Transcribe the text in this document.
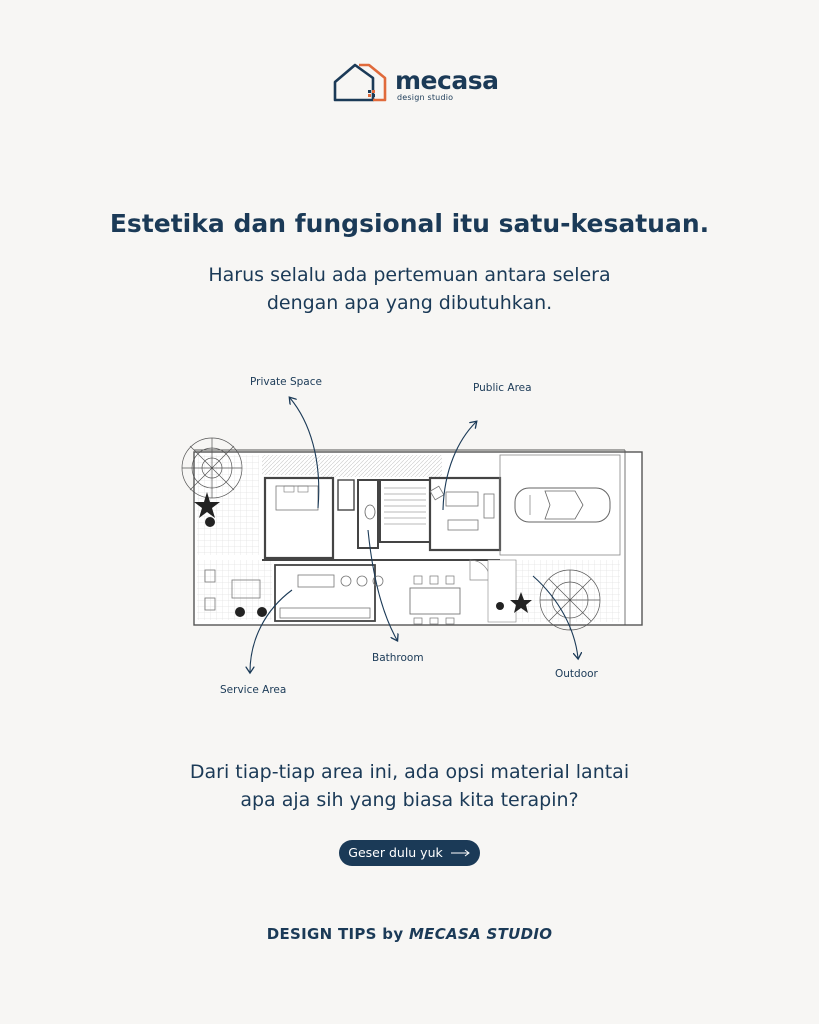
mecasa
design studio
Estetika dan fungsional itu satu-kesatuan.
Harus selalu ada pertemuan antara selera
dengan apa yang dibutuhkan.
Private Space	Public Area
Bathroom
Outdoor
Service Area
Dari tiap-tiap area ini, ada opsi material lantai
apa aja sih yang biasa kita terapin?
Geser dulu yuk
DESIGN TIPS by MECASA STUDIO
